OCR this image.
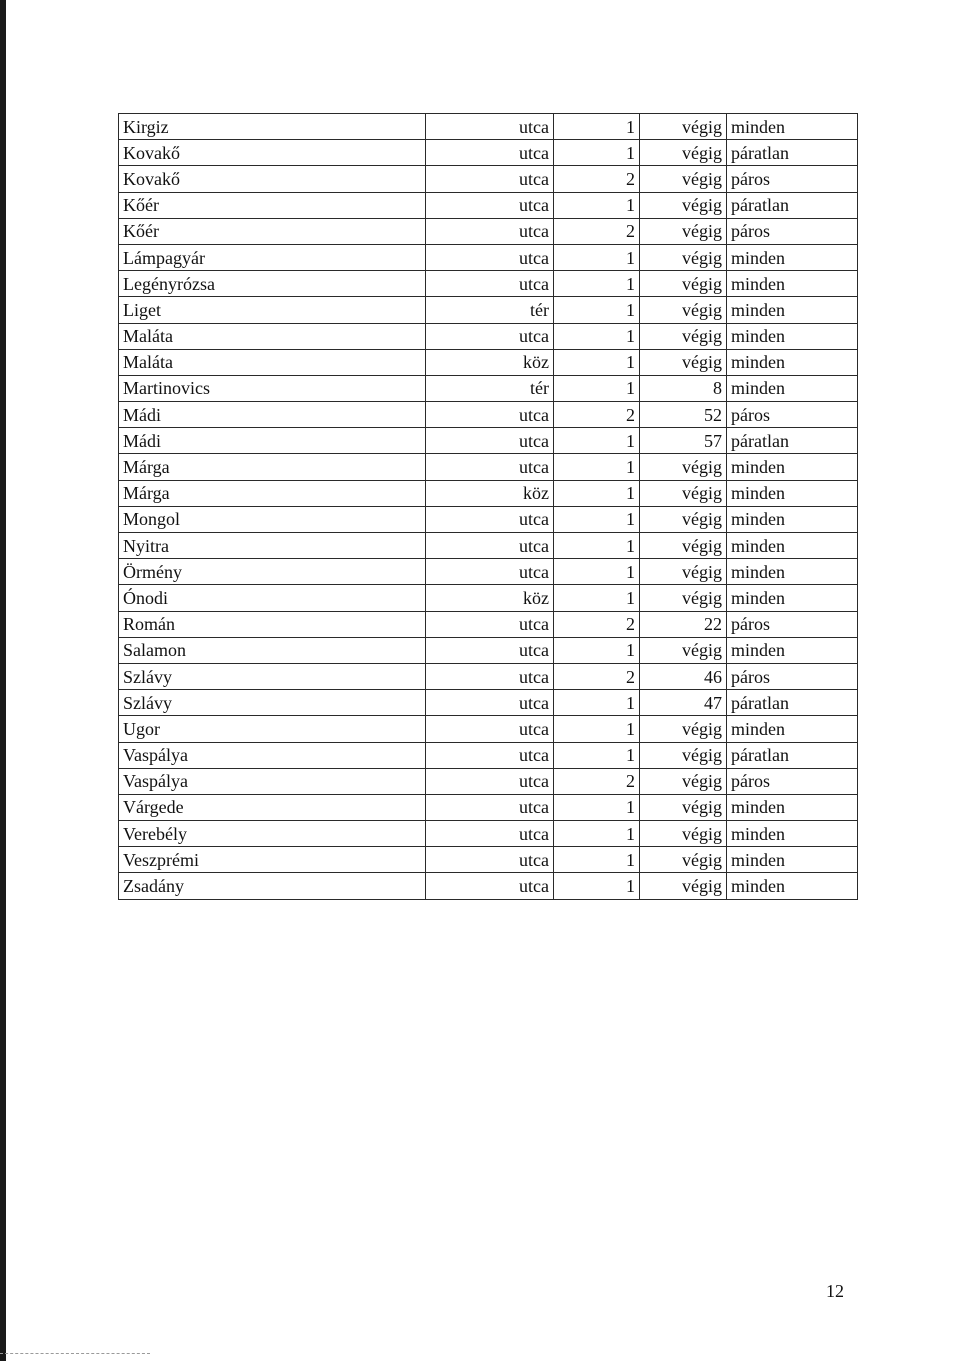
Kirgiz	utca	1	végig	minden
Kovakő	utca	1	végig	páratlan
Kovakő	utca	2	végig	páros
Kőér	utca	1	végig	páratlan
Kőér	utca	2	végig	páros
Lámpagyár	utca	1	végig	minden
Legényrózsa	utca	1	végig	minden
Liget	tér	1	végig	minden
Maláta	utca	1	végig	minden
Maláta	köz	1	végig	minden
Martinovics	tér	1	8	minden
Mádi	utca	2	52	páros
Mádi	utca	1	57	páratlan
Márga	utca	1	végig	minden
Márga	köz	1	végig	minden
Mongol	utca	1	végig	minden
Nyitra	utca	1	végig	minden
Örmény	utca	1	végig	minden
Ónodi	köz	1	végig	minden
Román	utca	2	22	páros
Salamon	utca	1	végig	minden
Szlávy	utca	2	46	páros
Szlávy	utca	1	47	páratlan
Ugor	utca	1	végig	minden
Vaspálya	utca	1	végig	páratlan
Vaspálya	utca	2	végig	páros
Várgede	utca	1	végig	minden
Verebély	utca	1	végig	minden
Veszprémi	utca	1	végig	minden
Zsadány	utca	1	végig	minden
12
